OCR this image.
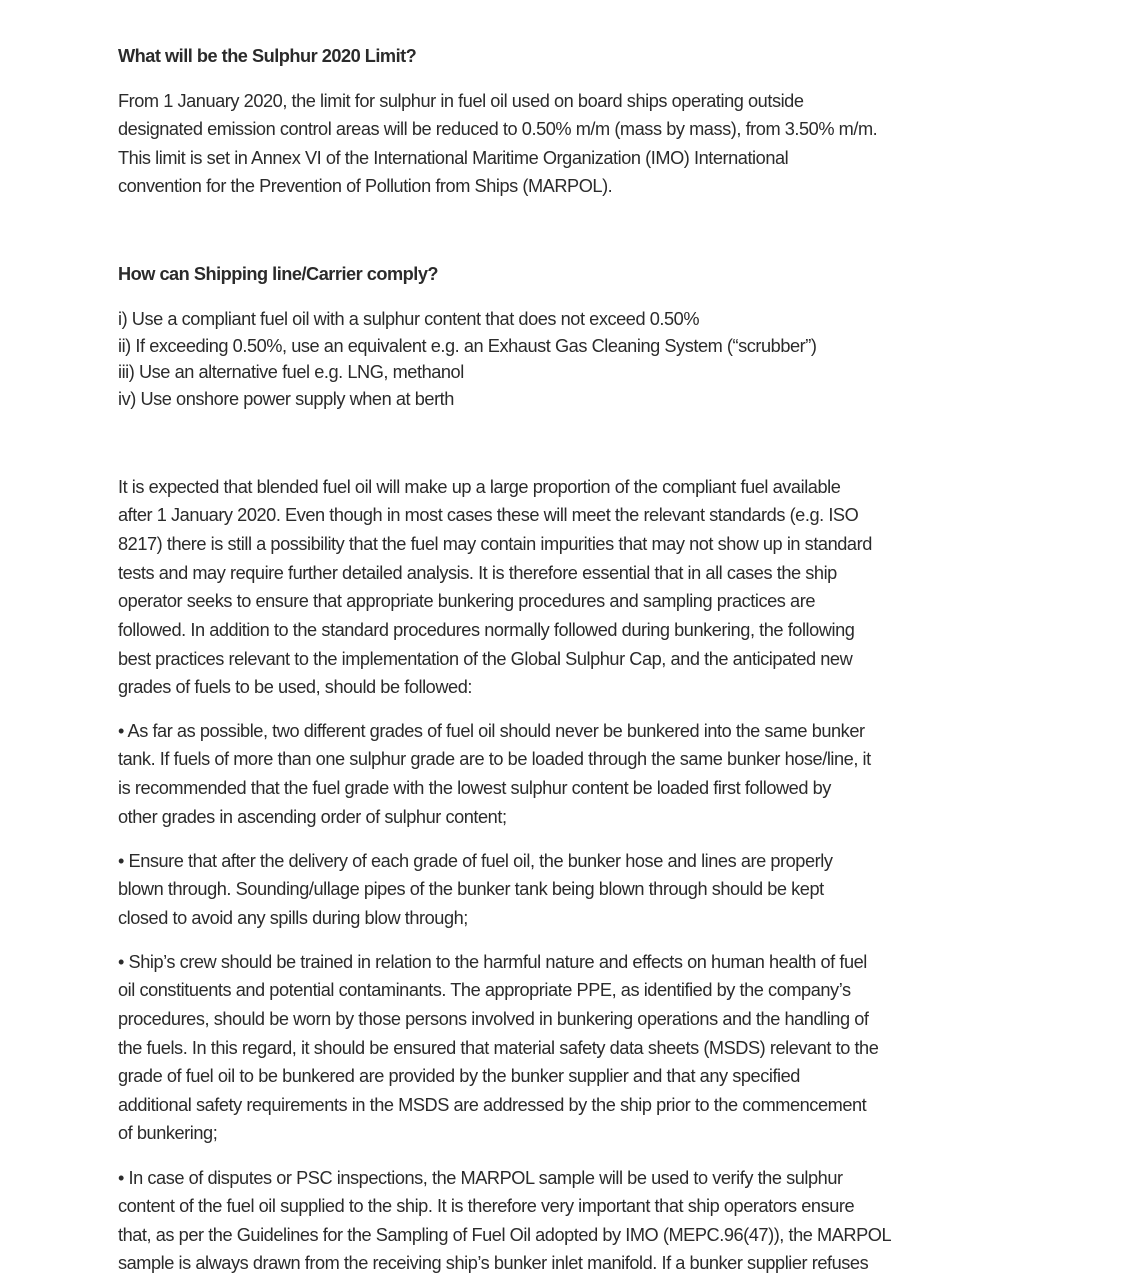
What will be the Sulphur 2020 Limit?
From 1 January 2020, the limit for sulphur in fuel oil used on board ships operating outside
designated emission control areas will be reduced to 0.50% m/m (mass by mass), from 3.50% m/m.
This limit is set in Annex VI of the International Maritime Organization (IMO) International
convention for the Prevention of Pollution from Ships (MARPOL).
How can Shipping line/Carrier comply?
i) Use a compliant fuel oil with a sulphur content that does not exceed 0.50%
ii) If exceeding 0.50%, use an equivalent e.g. an Exhaust Gas Cleaning System (“scrubber”)
iii) Use an alternative fuel e.g. LNG, methanol
iv) Use onshore power supply when at berth
It is expected that blended fuel oil will make up a large proportion of the compliant fuel available
after 1 January 2020. Even though in most cases these will meet the relevant standards (e.g. ISO
8217) there is still a possibility that the fuel may contain impurities that may not show up in standard
tests and may require further detailed analysis. It is therefore essential that in all cases the ship
operator seeks to ensure that appropriate bunkering procedures and sampling practices are
followed. In addition to the standard procedures normally followed during bunkering, the following
best practices relevant to the implementation of the Global Sulphur Cap, and the anticipated new
grades of fuels to be used, should be followed:
• As far as possible, two different grades of fuel oil should never be bunkered into the same bunker
tank. If fuels of more than one sulphur grade are to be loaded through the same bunker hose/line, it
is recommended that the fuel grade with the lowest sulphur content be loaded first followed by
other grades in ascending order of sulphur content;
• Ensure that after the delivery of each grade of fuel oil, the bunker hose and lines are properly
blown through. Sounding/ullage pipes of the bunker tank being blown through should be kept
closed to avoid any spills during blow through;
• Ship’s crew should be trained in relation to the harmful nature and effects on human health of fuel
oil constituents and potential contaminants. The appropriate PPE, as identified by the company’s
procedures, should be worn by those persons involved in bunkering operations and the handling of
the fuels. In this regard, it should be ensured that material safety data sheets (MSDS) relevant to the
grade of fuel oil to be bunkered are provided by the bunker supplier and that any specified
additional safety requirements in the MSDS are addressed by the ship prior to the commencement
of bunkering;
• In case of disputes or PSC inspections, the MARPOL sample will be used to verify the sulphur
content of the fuel oil supplied to the ship. It is therefore very important that ship operators ensure
that, as per the Guidelines for the Sampling of Fuel Oil adopted by IMO (MEPC.96(47)), the MARPOL
sample is always drawn from the receiving ship’s bunker inlet manifold. If a bunker supplier refuses
